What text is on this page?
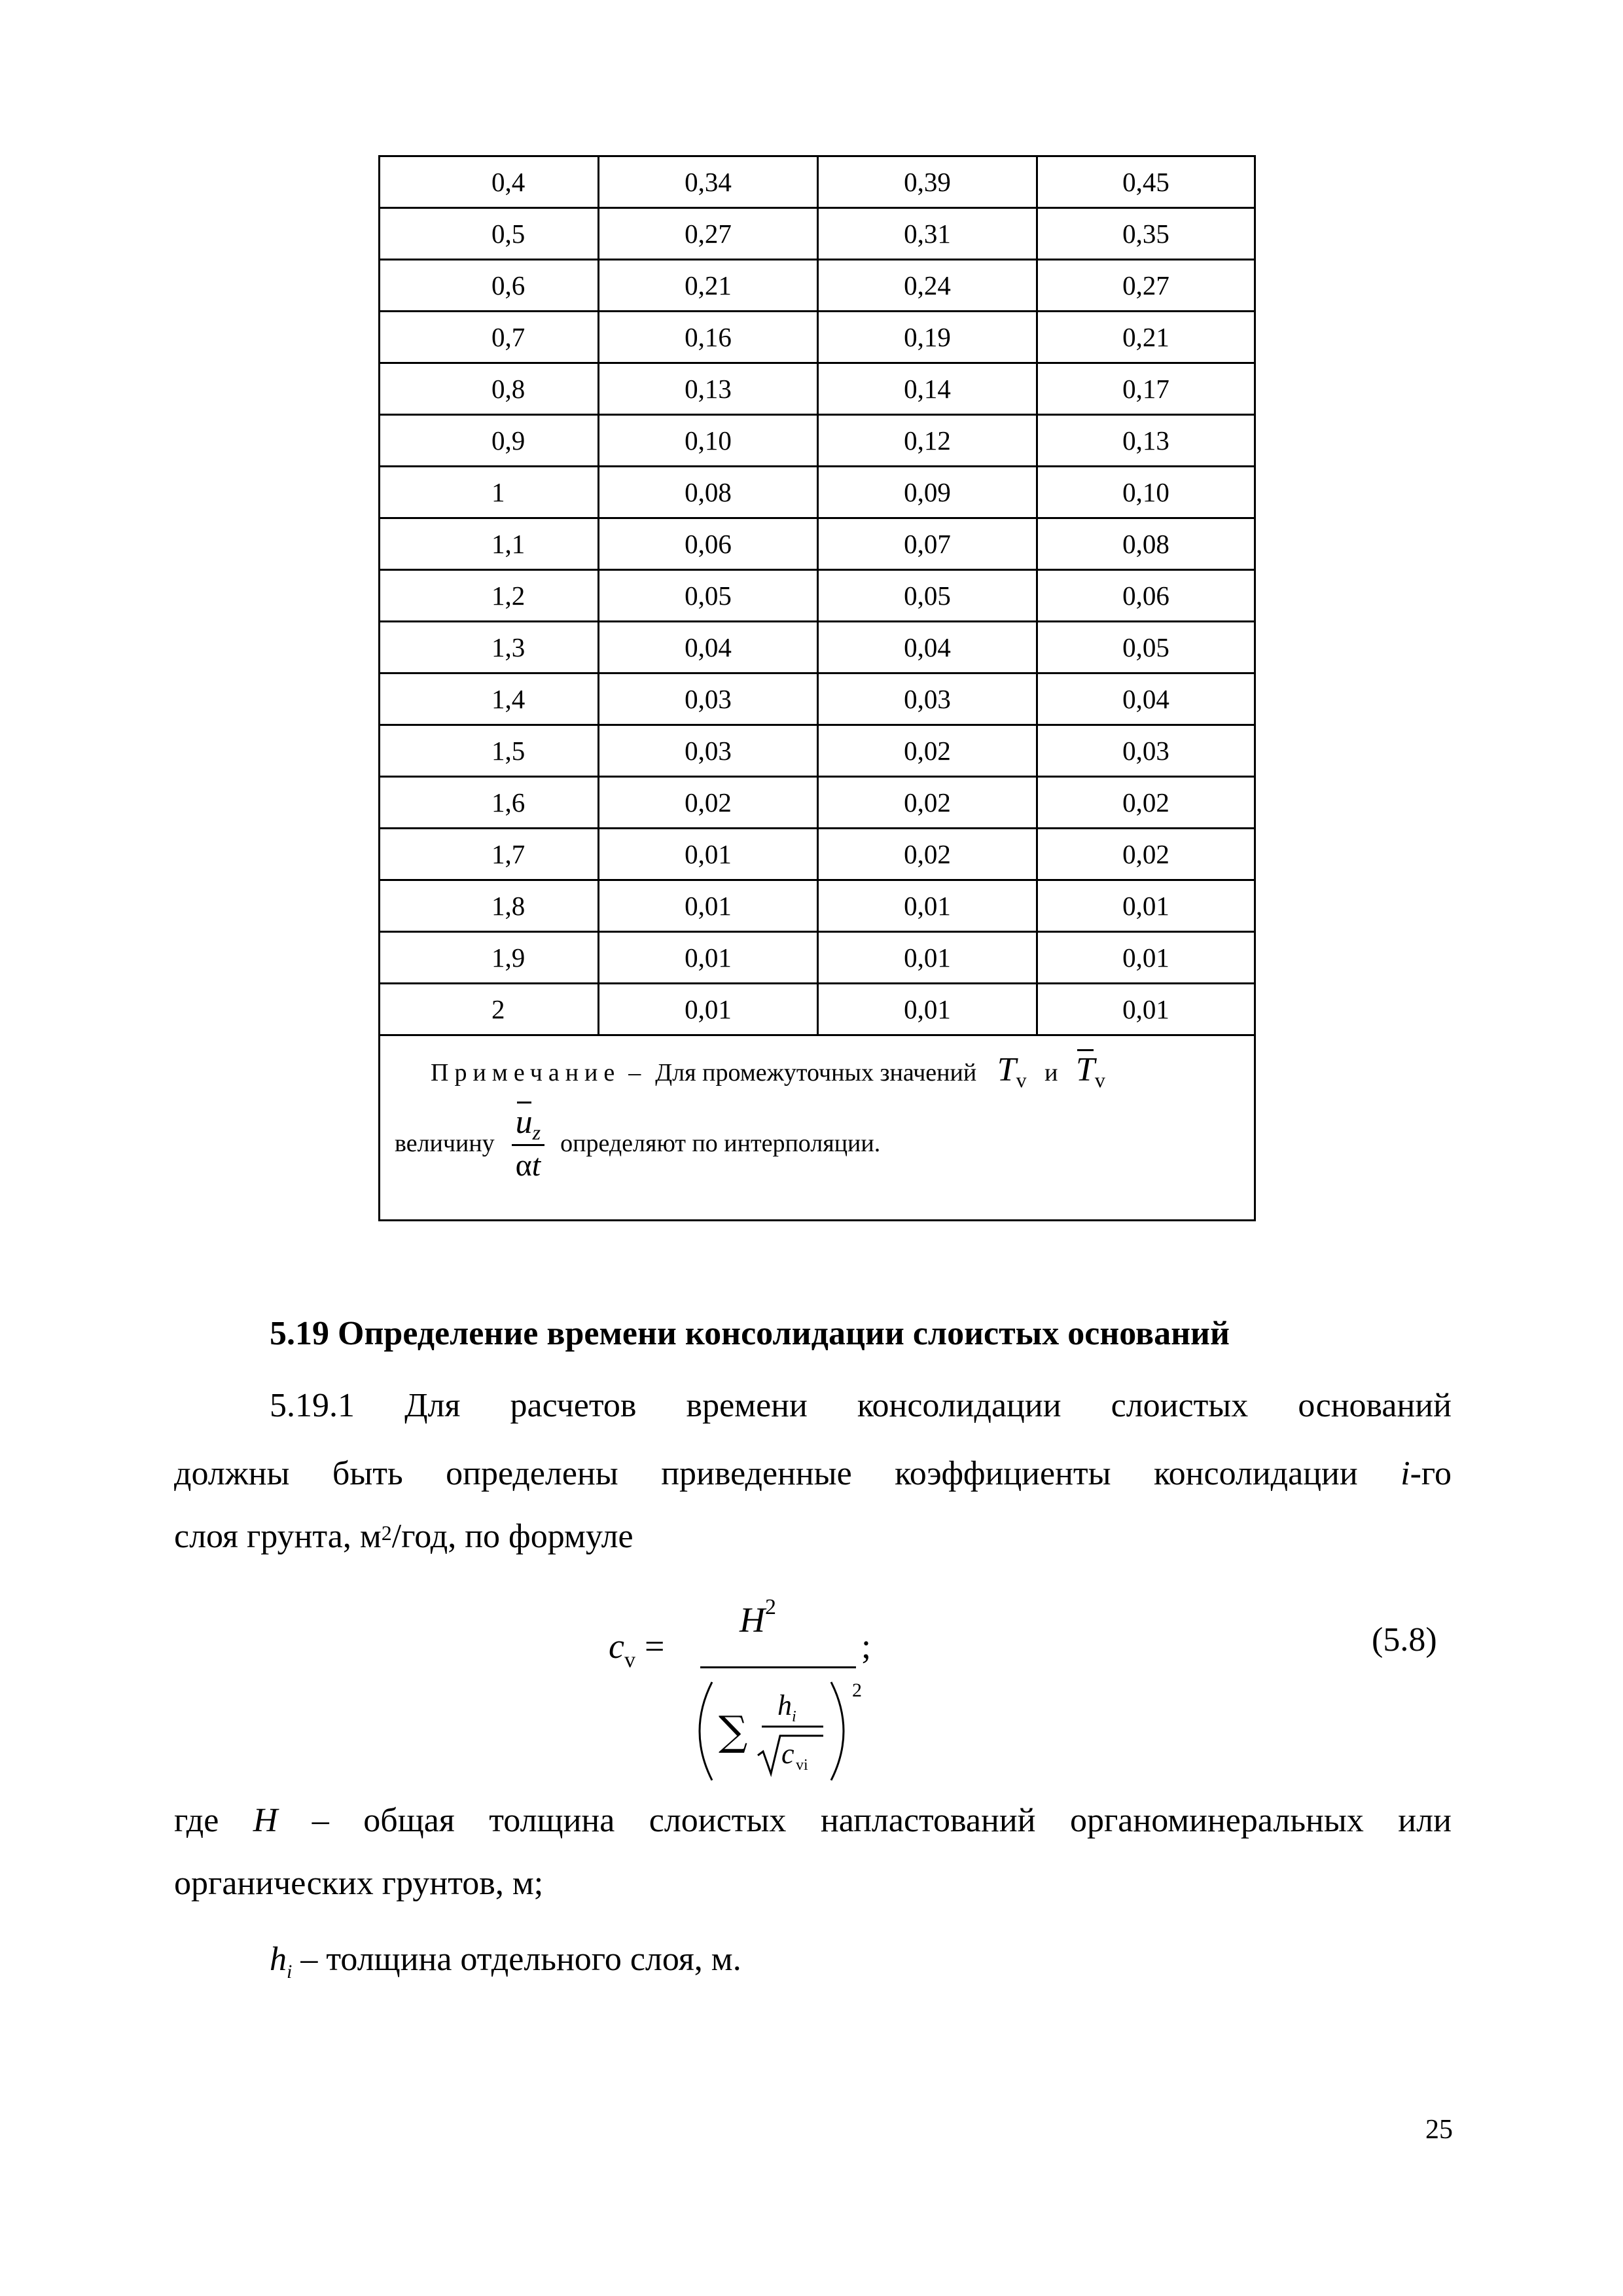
0,4	0,34	0,39	0,45
0,5	0,27	0,31	0,35
0,6	0,21	0,24	0,27
0,7	0,16	0,19	0,21
0,8	0,13	0,14	0,17
0,9	0,10	0,12	0,13
1	0,08	0,09	0,10
1,1	0,06	0,07	0,08
1,2	0,05	0,05	0,06
1,3	0,04	0,04	0,05
1,4	0,03	0,03	0,04
1,5	0,03	0,02	0,03
1,6	0,02	0,02	0,02
1,7	0,01	0,02	0,02
1,8	0,01	0,01	0,01
1,9	0,01	0,01	0,01
2	0,01	0,01	0,01

Примечание – Для промежуточных значений $T_v$ и $T_v$
величину $\frac{uz}{\alpha t}$ определяют по интерполяции.			
5.19 Определение времени консолидации слоистых оснований
5.19.1 Для расчетов времени консолидации слоистых оснований
должны быть определены приведенные коэффициенты консолидации i-го
слоя грунта, $м^2$/год, по формуле
$c_v$ =
$H^2$
;
∑
h i
c vi
2
(5.8)
где H – общая толщина слоистых напластований органоминеральных или
органических грунтов, м;
$h_i$ – толщина отдельного слоя, м.
25
